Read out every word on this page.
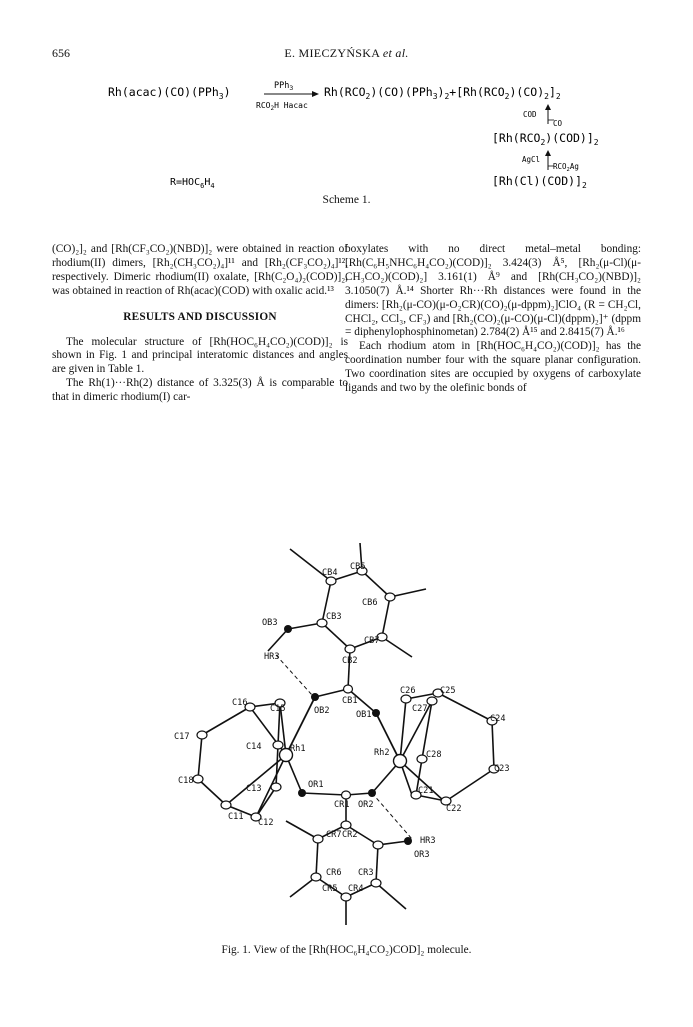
656	E. MIECZYŃSKA et al.
Rh(acac)(CO)(PPh$_3$)	PPh$_3$
$RCO_2H$ Hacac
$Rh(RCO_2)(CO)(PPh_3)_2+[Rh(RCO_2)(CO)_2]_2$
COD
CO
$[Rh(RCO_2)(COD)]_2$
AgCl
$RCO_2Ag$
$[Rh(Cl)(COD)]_2$
$R=HOC_6H_4$
Scheme 1.

(CO)₂]₂ and [Rh(CF₃CO₂)(NBD)]₂ were obtained in reaction of rhodium(II) dimers, [Rh₂(CH₃CO₂)₄]¹¹ and [Rh₂(CF₃CO₂)₄]¹², respectively. Dimeric rhodium(II) oxalate, [Rh(C₂O₄)₂(COD)]₂, was obtained in reaction of Rh(acac)(COD) with oxalic acid.¹³

RESULTS AND DISCUSSION

The molecular structure of [Rh(HOC₆H₄CO₂)(COD)]₂ is shown in Fig. 1 and principal interatomic distances and angles are given in Table 1.

The Rh(1)···Rh(2) distance of 3.325(3) Å is comparable to that in dimeric rhodium(I) car-

boxylates with no direct metal–metal bonding: [Rh(C₆H₅NHC₆H₄CO₂)(COD)]₂ 3.424(3) Å⁵, [Rh₂(μ-Cl)(μ-CH₃CO₂)(COD)₂] 3.161(1) Å⁹ and [Rh(CH₃CO₂)(NBD)]₂ 3.1050(7) Å.¹⁴ Shorter Rh···Rh distances were found in the dimers: [Rh₂(μ-CO)(μ-O₂CR)(CO)₂(μ-dppm)₂]ClO₄ (R = CH₂Cl, CHCl₂, CCl₃, CF₃) and [Rh₂(CO)₂(μ-CO)(μ-Cl)(dppm)₂]⁺ (dppm = diphenylophosphinometan) 2.784(2) Å¹⁵ and 2.8415(7) Å.¹⁶

Each rhodium atom in [Rh(HOC₆H₄CO₂)(COD)]₂ has the coordination number four with the square planar configuration. Two coordination sites are occupied by oxygens of carboxylate ligands and two by the olefinic bonds of

CB4
CB5
CB6
CB3
OB3
CB2
CB7
HR3
CB1
OB2	OB1
C16
C15
C26	C25
C27
C24
C17
C14	Rh1	Rh2	C28
C23
OR1
C18
C13
CR1 OR2
C21
C22
C11
C12
CR7 CR2
HR3
CR6 CR3
OR3
CR5 CR4
Fig. 1. View of the [Rh(HOC₆H₄CO₂)COD]₂ molecule.
